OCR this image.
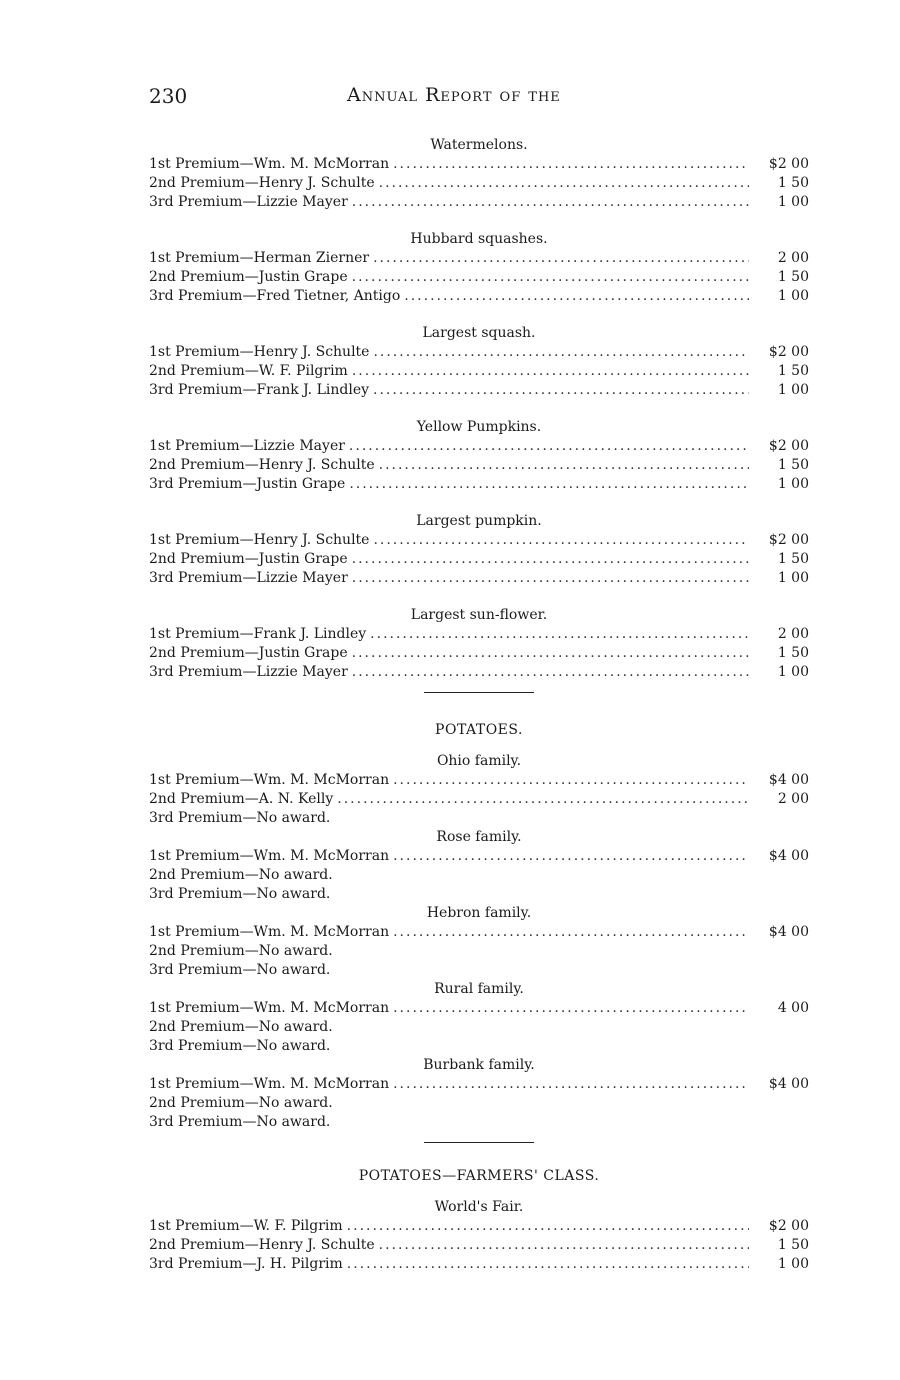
230	Annual Report of the
Watermelons.
1st Premium—Wm. M. McMorran .....	$2 00
2nd Premium—Henry J. Schulte .....	1 50
3rd Premium—Lizzie Mayer .....	1 00
Hubbard squashes.
1st Premium—Herman Zierner .....	2 00
2nd Premium—Justin Grape .....	1 50
3rd Premium—Fred Tietner, Antigo .....	1 00
Largest squash.
1st Premium—Henry J. Schulte .....	$2 00
2nd Premium—W. F. Pilgrim .....	1 50
3rd Premium—Frank J. Lindley .....	1 00
Yellow Pumpkins.
1st Premium—Lizzie Mayer .....	$2 00
2nd Premium—Henry J. Schulte .....	1 50
3rd Premium—Justin Grape .....	1 00
Largest pumpkin.
1st Premium—Henry J. Schulte .....	$2 00
2nd Premium—Justin Grape .....	1 50
3rd Premium—Lizzie Mayer .....	1 00
Largest sun-flower.
1st Premium—Frank J. Lindley .....	2 00
2nd Premium—Justin Grape .....	1 50
3rd Premium—Lizzie Mayer .....	1 00
POTATOES.
Ohio family.
1st Premium—Wm. M. McMorran .....	$4 00
2nd Premium—A. N. Kelly .....	2 00
3rd Premium—No award.
Rose family.
1st Premium—Wm. M. McMorran .....	$4 00
2nd Premium—No award.
3rd Premium—No award.
Hebron family.
1st Premium—Wm. M. McMorran .....	$4 00
2nd Premium—No award.
3rd Premium—No award.
Rural family.
1st Premium—Wm. M. McMorran .....	4 00
2nd Premium—No award.
3rd Premium—No award.
Burbank family.
1st Premium—Wm. M. McMorran .....	$4 00
2nd Premium—No award.
3rd Premium—No award.
POTATOES—FARMERS' CLASS.
World's Fair.
1st Premium—W. F. Pilgrim .....	$2 00
2nd Premium—Henry J. Schulte .....	1 50
3rd Premium—J. H. Pilgrim .....	1 00
